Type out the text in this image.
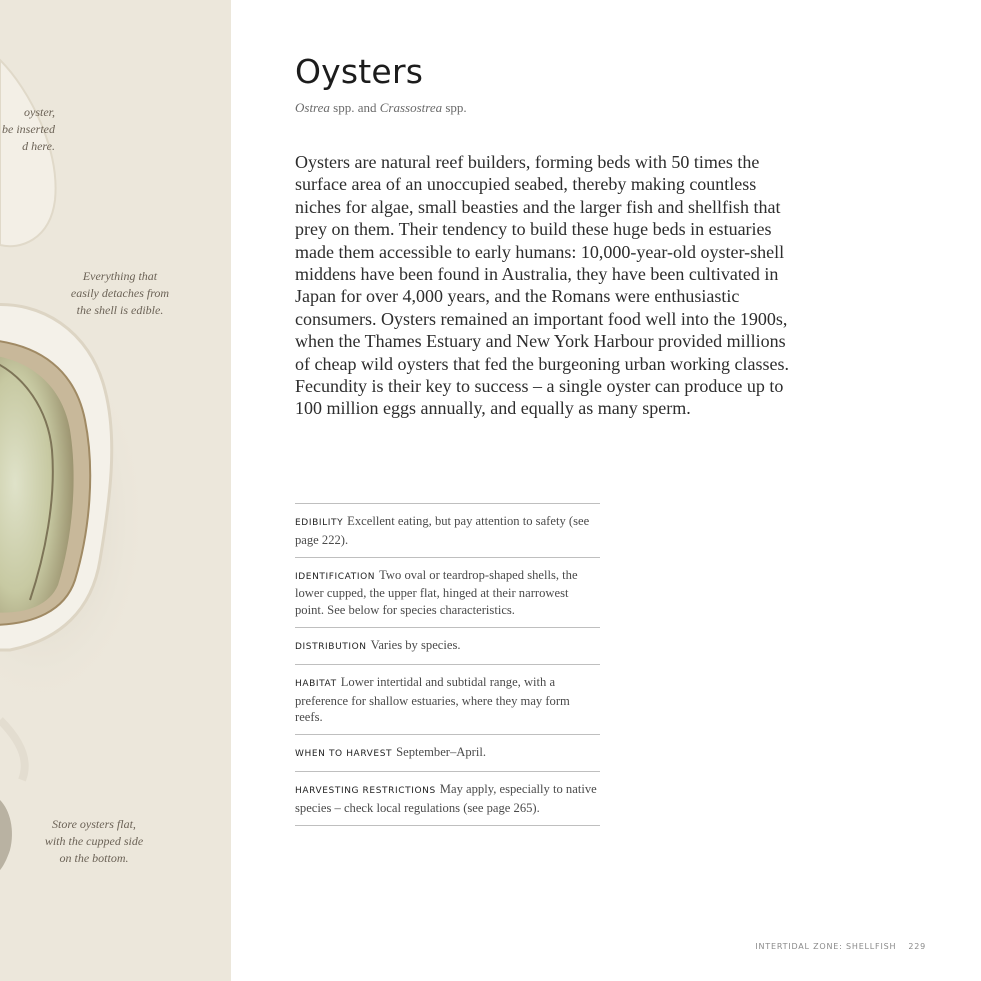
oyster,
be inserted
d here.
Everything that
easily detaches from
the shell is edible.
Store oysters flat,
with the cupped side
on the bottom.
Oysters
Ostrea spp. and Crassostrea spp.

Oysters are natural reef builders, forming beds with 50 times the surface area of an unoccupied seabed, thereby making countless niches for algae, small beasties and the larger fish and shellfish that prey on them. Their tendency to build these huge beds in estuaries made them accessible to early humans: 10,000-year-old oyster-shell middens have been found in Australia, they have been cultivated in Japan for over 4,000 years, and the Romans were enthusiastic consumers. Oysters remained an important food well into the 1900s, when the Thames Estuary and New York Harbour provided millions of cheap wild oysters that fed the burgeoning urban working classes. Fecundity is their key to success – a single oyster can produce up to 100 million eggs annually, and equally as many sperm.

EDIBILITY Excellent eating, but pay attention to safety (see page 222).
IDENTIFICATION Two oval or teardrop-shaped shells, the lower cupped, the upper flat, hinged at their narrowest point. See below for species characteristics.
DISTRIBUTION Varies by species.
HABITAT Lower intertidal and subtidal range, with a preference for shallow estuaries, where they may form reefs.
WHEN TO HARVEST September–April.
HARVESTING RESTRICTIONS May apply, especially to native species – check local regulations (see page 265).
INTERTIDAL ZONE: SHELLFISH 229
